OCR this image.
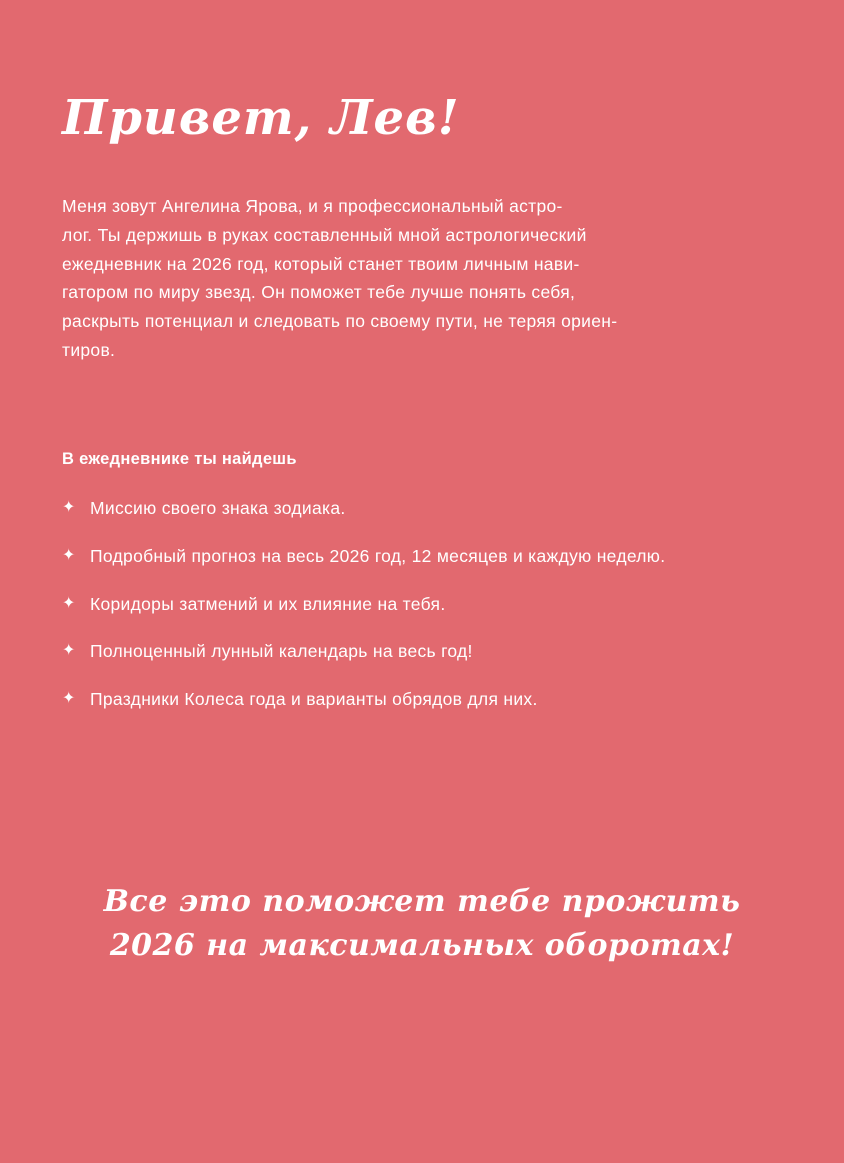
Привет, Лев!

Меня зовут Ангелина Ярова, и я профессиональный астро-
лог. Ты держишь в руках составленный мной астрологический
ежедневник на 2026 год, который станет твоим личным нави-
гатором по миру звезд. Он поможет тебе лучше понять себя,
раскрыть потенциал и следовать по своему пути, не теряя ориен-
тиров.

В ежедневнике ты найдешь
✦ Миссию своего знака зодиака.
✦ Подробный прогноз на весь 2026 год, 12 месяцев и каждую неделю.
✦ Коридоры затмений и их влияние на тебя.
✦ Полноценный лунный календарь на весь год!
✦ Праздники Колеса года и варианты обрядов для них.
Все это поможет тебе прожить
2026 на максимальных оборотах!
